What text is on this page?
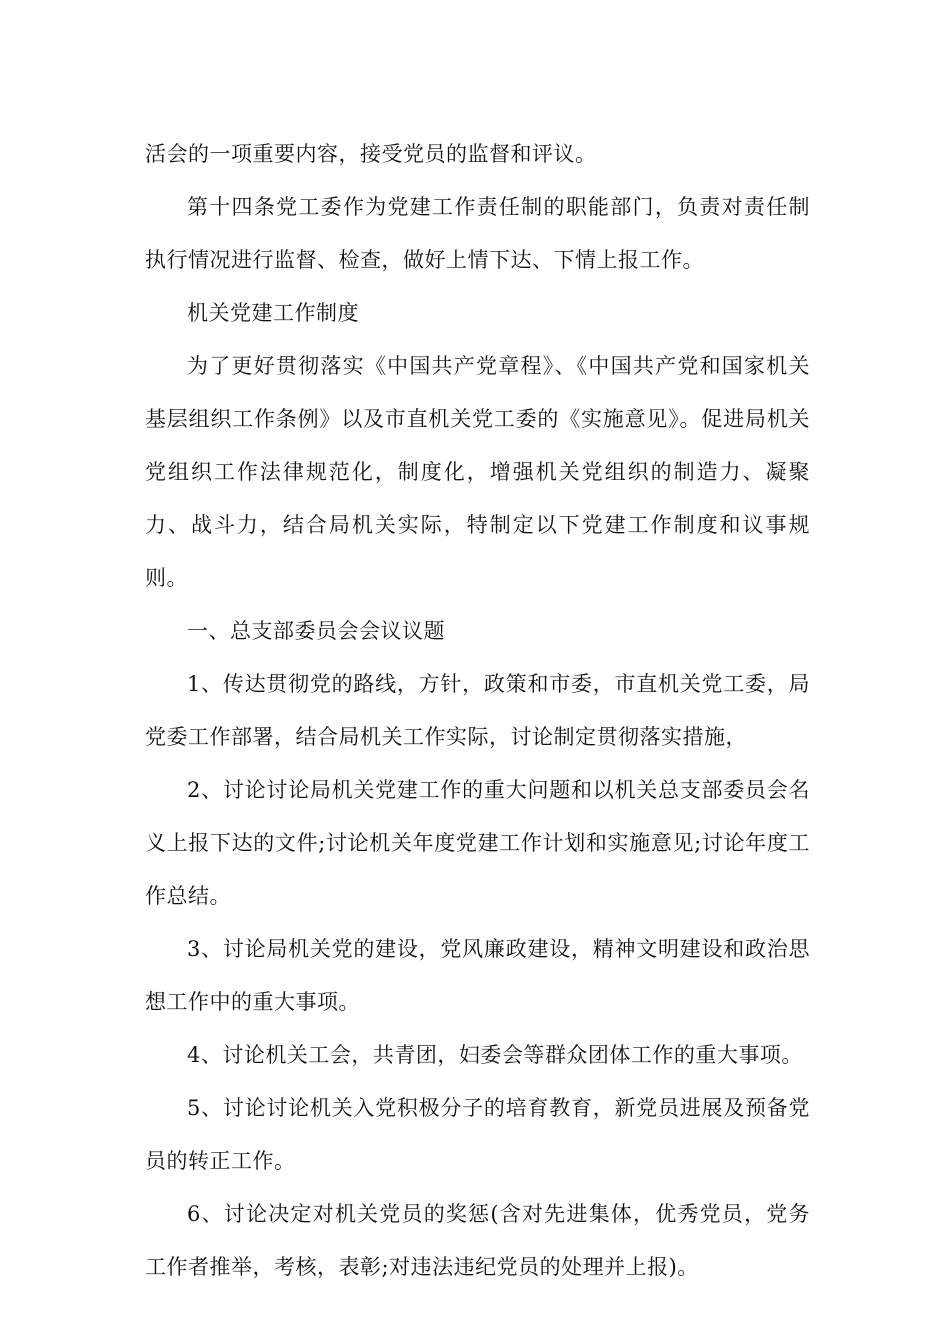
活会的一项重要内容，接受党员的监督和评议。

第十四条党工委作为党建工作责任制的职能部门，负责对责任制执行情况进行监督、检查，做好上情下达、下情上报工作。

机关党建工作制度

为了更好贯彻落实《中国共产党章程》、《中国共产党和国家机关基层组织工作条例》以及市直机关党工委的《实施意见》。促进局机关党组织工作法律规范化，制度化，增强机关党组织的制造力、凝聚力、战斗力，结合局机关实际，特制定以下党建工作制度和议事规则。

一、总支部委员会会议议题

1、传达贯彻党的路线，方针，政策和市委，市直机关党工委，局党委工作部署，结合局机关工作实际，讨论制定贯彻落实措施，

2、讨论讨论局机关党建工作的重大问题和以机关总支部委员会名义上报下达的文件;讨论机关年度党建工作计划和实施意见;讨论年度工作总结。

3、讨论局机关党的建设，党风廉政建设，精神文明建设和政治思想工作中的重大事项。

4、讨论机关工会，共青团，妇委会等群众团体工作的重大事项。

5、讨论讨论机关入党积极分子的培育教育，新党员进展及预备党员的转正工作。

6、讨论决定对机关党员的奖惩(含对先进集体，优秀党员，党务工作者推举，考核，表彰;对违法违纪党员的处理并上报)。
